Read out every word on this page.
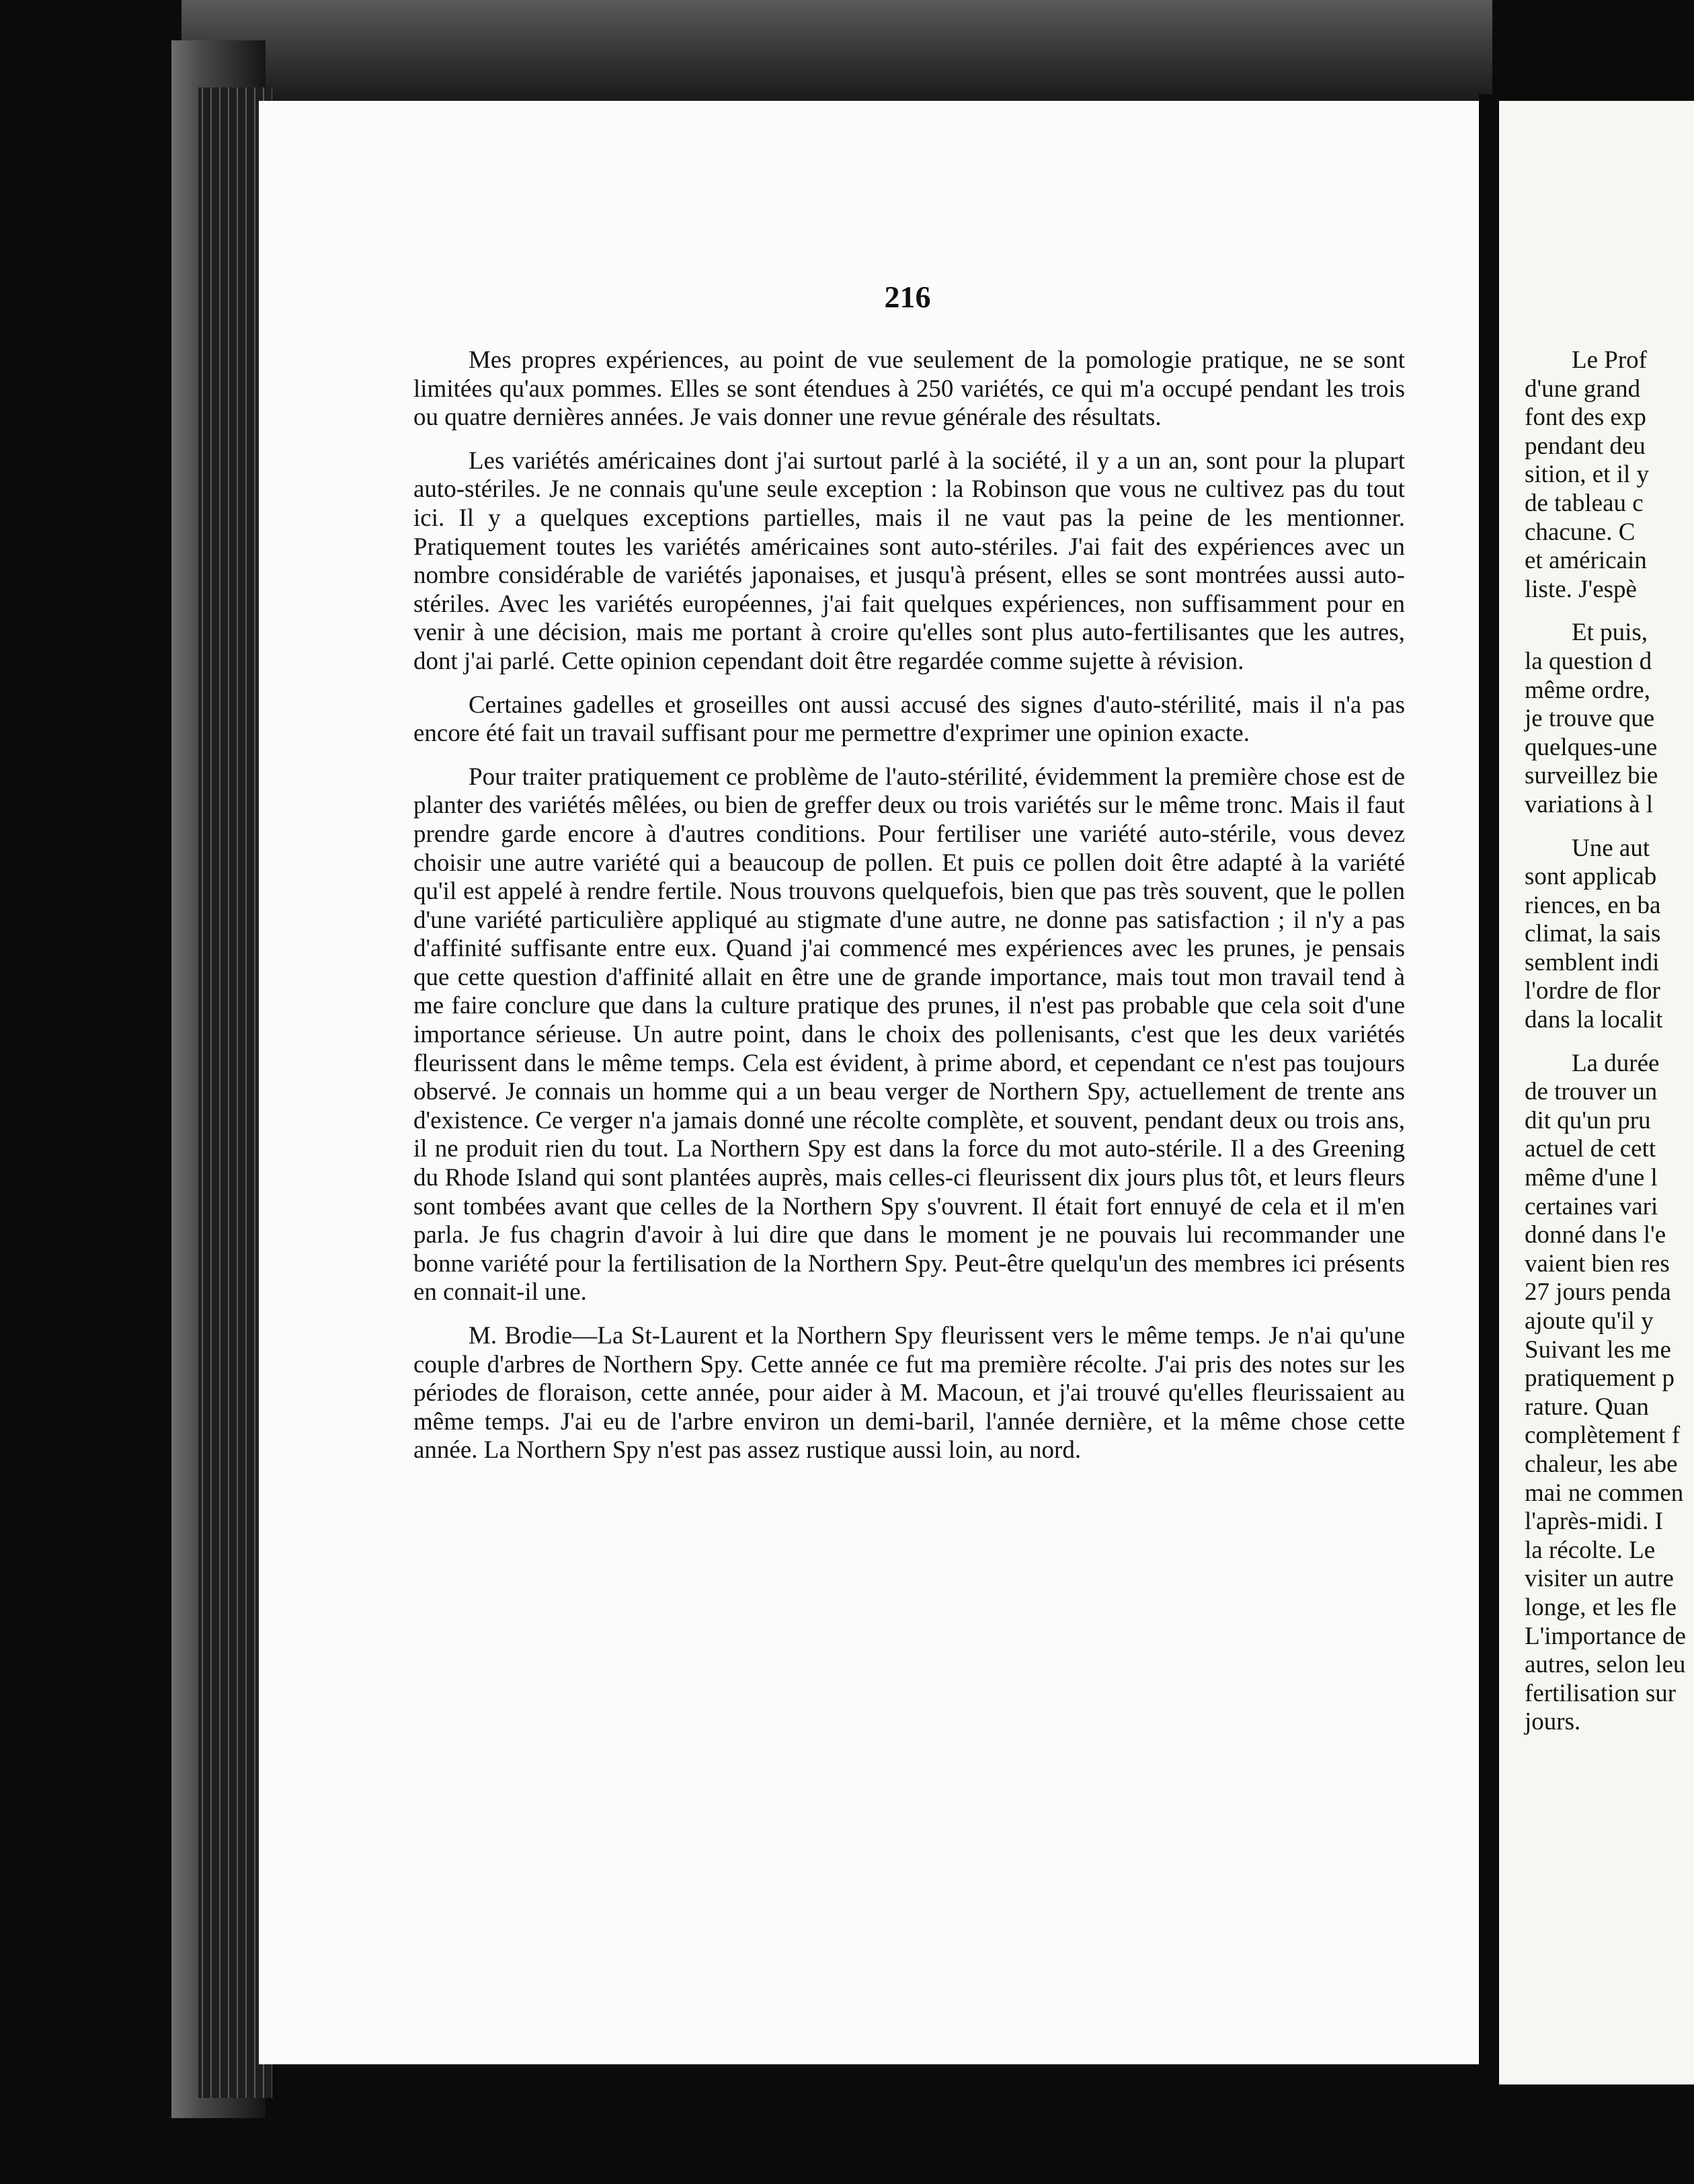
216

Mes propres expériences, au point de vue seulement de la pomologie pratique, ne se sont limitées qu'aux pommes. Elles se sont étendues à 250 variétés, ce qui m'a occupé pendant les trois ou quatre dernières années. Je vais donner une revue générale des résultats.

Les variétés américaines dont j'ai surtout parlé à la société, il y a un an, sont pour la plupart auto-stériles. Je ne connais qu'une seule exception : la Robinson que vous ne cultivez pas du tout ici. Il y a quelques exceptions partielles, mais il ne vaut pas la peine de les mentionner. Pratiquement toutes les variétés américaines sont auto-stériles. J'ai fait des expériences avec un nombre considérable de variétés japonaises, et jusqu'à présent, elles se sont montrées aussi auto-stériles. Avec les variétés européennes, j'ai fait quelques expériences, non suffisamment pour en venir à une décision, mais me portant à croire qu'elles sont plus auto-fertilisantes que les autres, dont j'ai parlé. Cette opinion cependant doit être regardée comme sujette à révision.

Certaines gadelles et groseilles ont aussi accusé des signes d'auto-stérilité, mais il n'a pas encore été fait un travail suffisant pour me permettre d'exprimer une opinion exacte.

Pour traiter pratiquement ce problème de l'auto-stérilité, évidemment la première chose est de planter des variétés mêlées, ou bien de greffer deux ou trois variétés sur le même tronc. Mais il faut prendre garde encore à d'autres conditions. Pour fertiliser une variété auto-stérile, vous devez choisir une autre variété qui a beaucoup de pollen. Et puis ce pollen doit être adapté à la variété qu'il est appelé à rendre fertile. Nous trouvons quelquefois, bien que pas très souvent, que le pollen d'une variété particulière appliqué au stigmate d'une autre, ne donne pas satisfaction ; il n'y a pas d'affinité suffisante entre eux. Quand j'ai commencé mes expériences avec les prunes, je pensais que cette question d'affinité allait en être une de grande importance, mais tout mon travail tend à me faire conclure que dans la culture pratique des prunes, il n'est pas probable que cela soit d'une importance sérieuse. Un autre point, dans le choix des pollenisants, c'est que les deux variétés fleurissent dans le même temps. Cela est évident, à prime abord, et cependant ce n'est pas toujours observé. Je connais un homme qui a un beau verger de Northern Spy, actuellement de trente ans d'existence. Ce verger n'a jamais donné une récolte complète, et souvent, pendant deux ou trois ans, il ne produit rien du tout. La Northern Spy est dans la force du mot auto-stérile. Il a des Greening du Rhode Island qui sont plantées auprès, mais celles-ci fleurissent dix jours plus tôt, et leurs fleurs sont tombées avant que celles de la Northern Spy s'ouvrent. Il était fort ennuyé de cela et il m'en parla. Je fus chagrin d'avoir à lui dire que dans le moment je ne pouvais lui recommander une bonne variété pour la fertilisation de la Northern Spy. Peut-être quelqu'un des membres ici présents en connait-il une.

M. Brodie—La St-Laurent et la Northern Spy fleurissent vers le même temps. Je n'ai qu'une couple d'arbres de Northern Spy. Cette année ce fut ma première récolte. J'ai pris des notes sur les périodes de floraison, cette année, pour aider à M. Macoun, et j'ai trouvé qu'elles fleurissaient au même temps. J'ai eu de l'arbre environ un demi-baril, l'année dernière, et la même chose cette année. La Northern Spy n'est pas assez rustique aussi loin, au nord.

Le Prof
d'une grand
font des exp
pendant deu
sition, et il y
de tableau c
chacune. C
et américain
liste. J'espè
Et puis,
la question d
même ordre,
je trouve que
quelques-une
surveillez bie
variations à l
Une aut
sont applicab
riences, en ba
climat, la sais
semblent indi
l'ordre de flor
dans la localit
La durée
de trouver un
dit qu'un pru
actuel de cett
même d'une l
certaines vari
donné dans l'e
vaient bien res
27 jours penda
ajoute qu'il y
Suivant les me
pratiquement p
rature. Quan
complètement f
chaleur, les abe
mai ne commen
l'après-midi. I
la récolte. Le
visiter un autre
longe, et les fle
L'importance de
autres, selon leu
fertilisation sur
jours.
